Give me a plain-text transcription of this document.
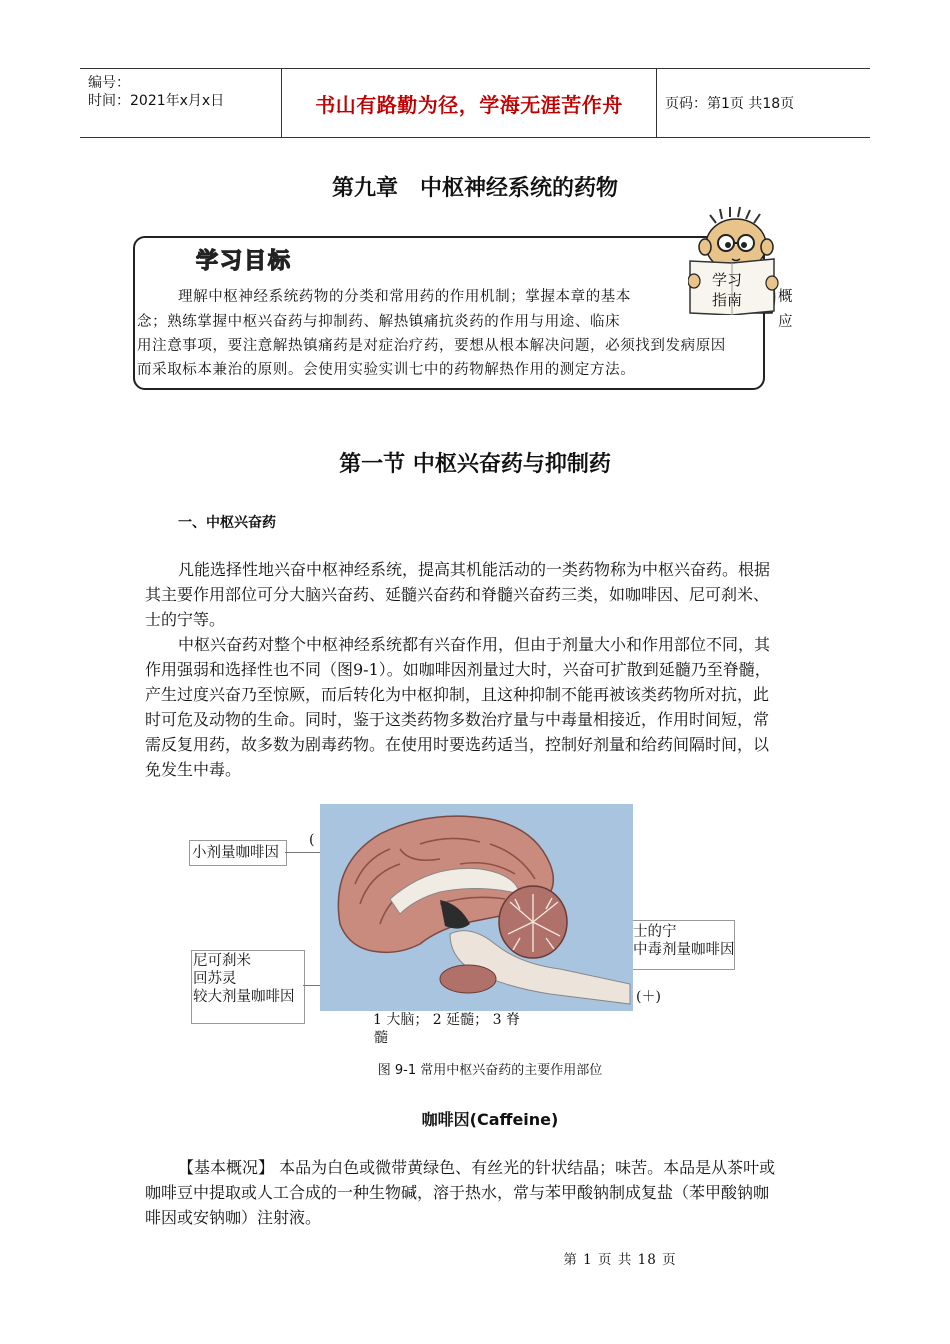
编号：
时间：2021年x月x日	书山有路勤为径，学海无涯苦作舟	页码：第1页 共18页
第九章　中枢神经系统的药物
学习目标
学习
指南
理解中枢神经系统药物的分类和常用药的作用机制；掌握本章的基本	概
念；熟练掌握中枢兴奋药与抑制药、解热镇痛抗炎药的作用与用途、临床	应
用注意事项，要注意解热镇痛药是对症治疗药，要想从根本解决问题，必须找到发病原因
而采取标本兼治的原则。会使用实验实训七中的药物解热作用的测定方法。
第一节 中枢兴奋药与抑制药
一、中枢兴奋药
凡能选择性地兴奋中枢神经系统，提高其机能活动的一类药物称为中枢兴奋药。根据
其主要作用部位可分大脑兴奋药、延髓兴奋药和脊髓兴奋药三类，如咖啡因、尼可刹米、
士的宁等。
中枢兴奋药对整个中枢神经系统都有兴奋作用，但由于剂量大小和作用部位不同，其
作用强弱和选择性也不同（图9-1）。如咖啡因剂量过大时，兴奋可扩散到延髓乃至脊髓，
产生过度兴奋乃至惊厥，而后转化为中枢抑制，且这种抑制不能再被该类药物所对抗，此
时可危及动物的生命。同时，鉴于这类药物多数治疗量与中毒量相接近，作用时间短，常
需反复用药，故多数为剧毒药物。在使用时要选药适当，控制好剂量和给药间隔时间，以
免发生中毒。
小剂量咖啡因
(
尼可刹米
回苏灵
较大剂量咖啡因
士的宁
中毒剂量咖啡因
(＋)
1 大脑； 2 延髓； 3 脊
髓
图 9-1 常用中枢兴奋药的主要作用部位
咖啡因(Caffeine)
【基本概况】 本品为白色或微带黄绿色、有丝光的针状结晶；味苦。本品是从茶叶或
咖啡豆中提取或人工合成的一种生物碱，溶于热水，常与苯甲酸钠制成复盐（苯甲酸钠咖
啡因或安钠咖）注射液。
第 1 页 共 18 页
